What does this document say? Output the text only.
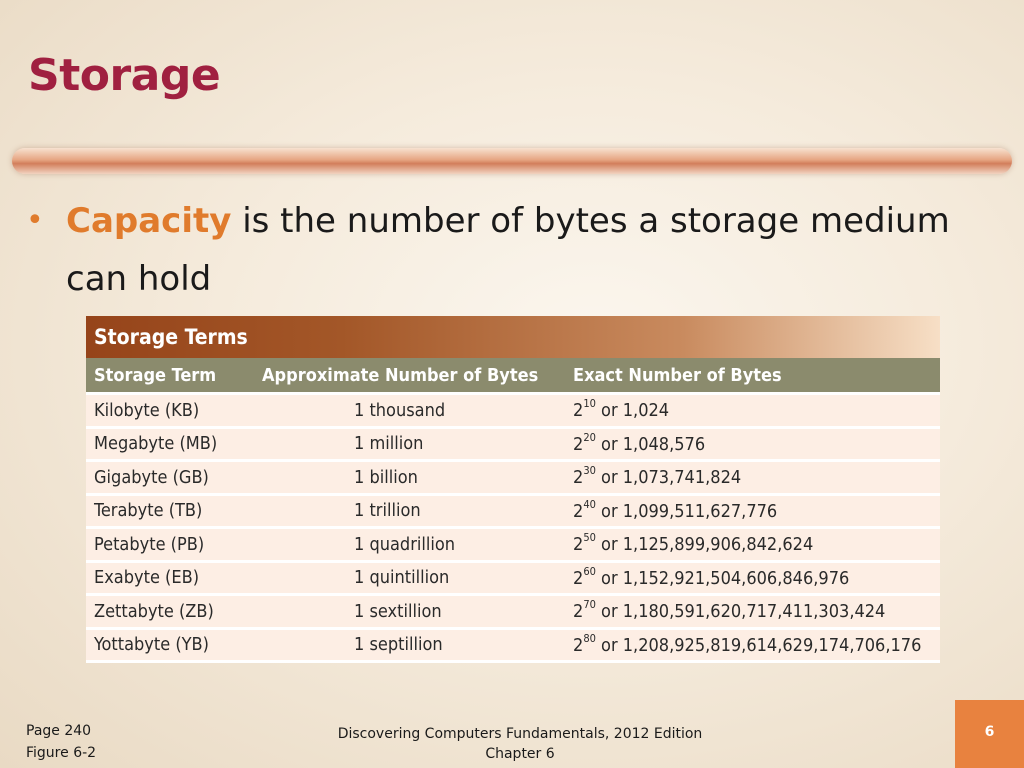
Storage
• Capacity is the number of bytes a storage medium
can hold
Storage Terms
Storage Term	Approximate Number of Bytes	Exact Number of Bytes
Kilobyte (KB)	1 thousand	$2^{10}$ or 1,024
Megabyte (MB)	1 million	$2^{20}$ or 1,048,576
Gigabyte (GB)	1 billion	$2^{30}$ or 1,073,741,824
Terabyte (TB)	1 trillion	$2^{40}$ or 1,099,511,627,776
Petabyte (PB)	1 quadrillion	$2^{50}$ or 1,125,899,906,842,624
Exabyte (EB)	1 quintillion	$2^{60}$ or 1,152,921,504,606,846,976
Zettabyte (ZB)	1 sextillion	$2^{70}$ or 1,180,591,620,717,411,303,424
Yottabyte (YB)	1 septillion	$2^{80}$ or 1,208,925,819,614,629,174,706,176
Page 240
Figure 6-2
Discovering Computers Fundamentals, 2012 Edition
Chapter 6
6
